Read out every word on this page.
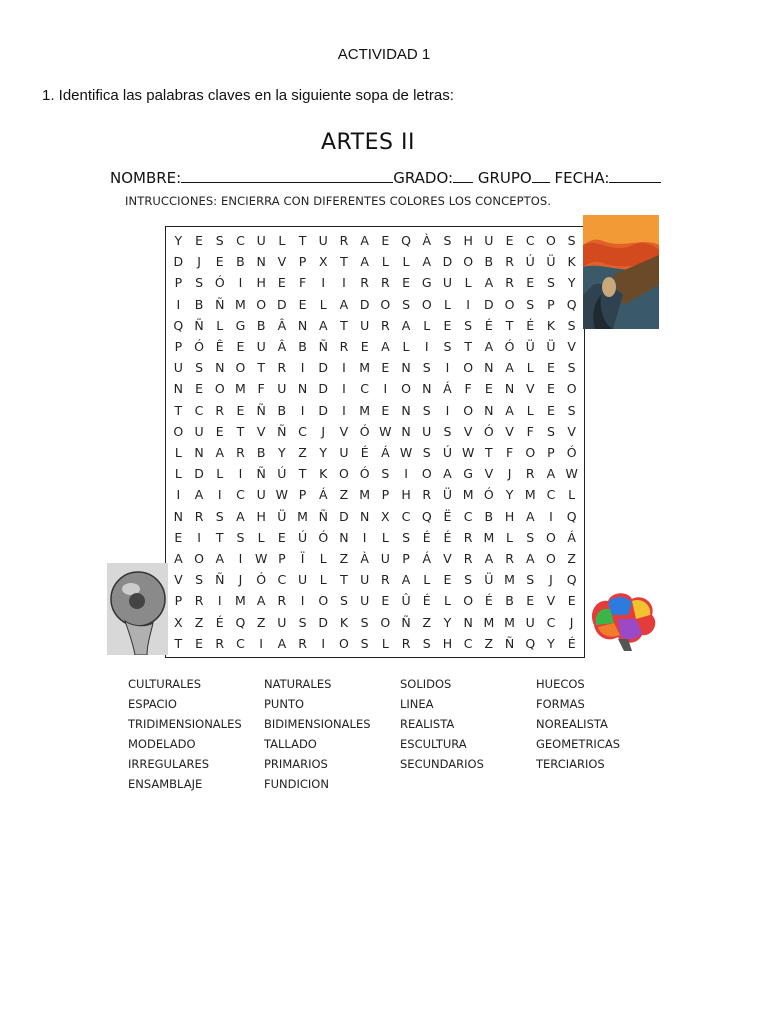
ACTIVIDAD 1
1. Identifica las palabras claves en la siguiente sopa de letras:
ARTES II
NOMBRE:	GRADO: GRUPO FECHA:
INTRUCCIONES: ENCIERRA CON DIFERENTES COLORES LOS CONCEPTOS.
Y	E	S C U	L	T U R A E Q À S H U E C O S
D	J	E B N V	P	X	T	A	L	L	A D O B R Ú Ü K
P	S Ó	I	H E	F	I	I	R R E G U	L	A R E	S	Y
I	B Ñ M O D E	L	A D O S O L	I	D O S	P Q
Q Ñ	L G B Â N A	T U R A	L	E	S	É	T	É	K	S
P Ó Ê	E U Â B Ñ R E A	L	I	S	T	A Ó Ü Ü V
U S N O T	R	I	D	I	M E N S	I	O N A	L	E	S
N E O M F	U N D	I	C	I	O N Á	F	E N V E O
T	C R E Ñ B	I	D	I	M E N S	I	O N A	L	E	S
O U E	T	V Ñ C	J	V Ó W N U S V Ó V	F	S V
L	N A R B	Y	Z	Y U É Á W S Ú W T	F O P Ó
L D L	I	Ñ Ú T	K O Ó S	I	O A G V	J	R A W
I	A	I	C U W P	Á Z M P H R Ü M Ó Y M C	L
N R S A H Ü M Ñ D N X C Q Ë C B H A	I	Q
E	I	T	S	L	E Ú Ó N	I	L	S	É	É R M L	S O Á
A O A	I	W P	Ï	L	Z À U P	Á V R A R A O Z
V S Ñ	J	Ó C U	L	T U R A	L	E	S Ü M S	J	Q
P	R	I	M A R	I	O S U E Û É	L O É B E V E
X Z É Q Z U S D K	S O Ñ Z	Y N M M U C	J
T	E R C	I	A R	I	O S	L	R S H C Z Ñ Q Y	É
CULTURALES	NATURALES	SOLIDOS	HUECOS
ESPACIO	PUNTO	LINEA	FORMAS
TRIDIMENSIONALES	BIDIMENSIONALES	REALISTA	NOREALISTA
MODELADO	TALLADO	ESCULTURA	GEOMETRICAS
IRREGULARES	PRIMARIOS	SECUNDARIOS	TERCIARIOS
ENSAMBLAJE	FUNDICION
